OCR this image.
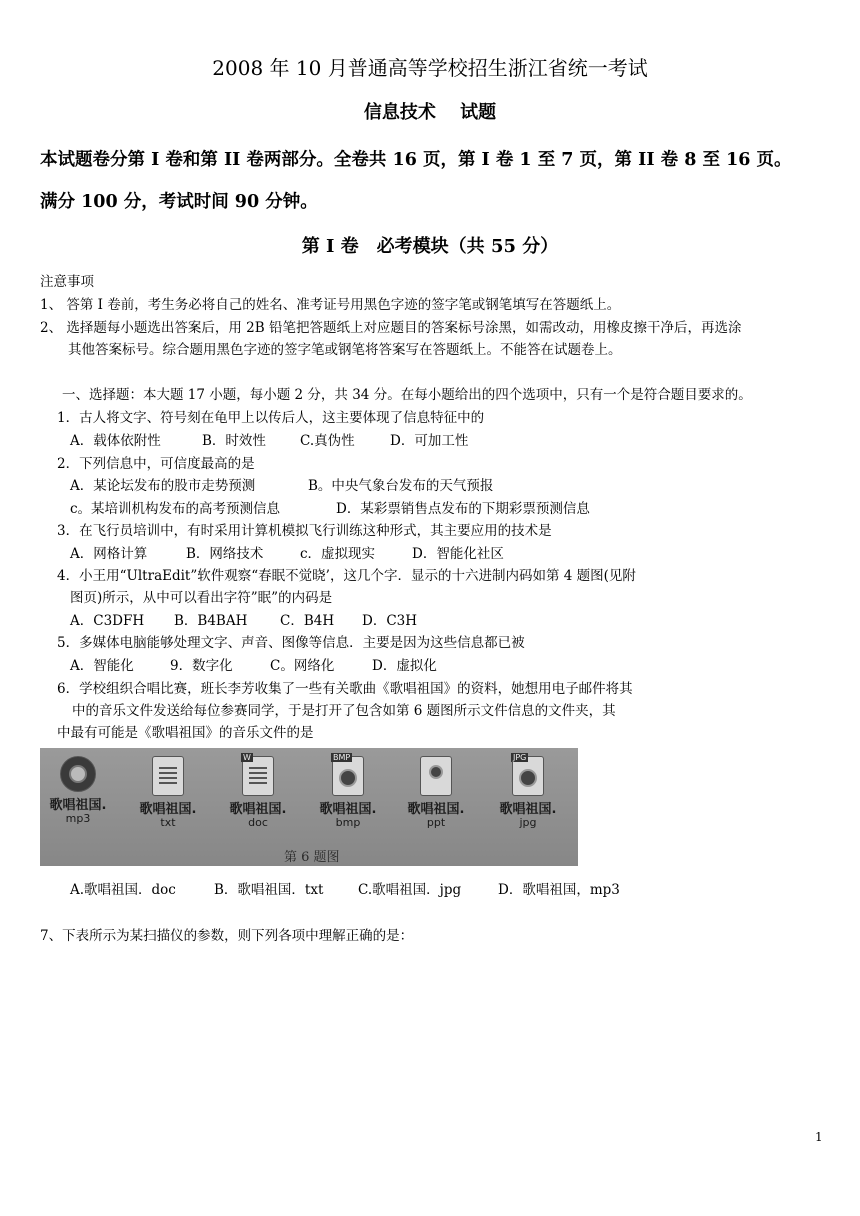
2008 年 10 月普通高等学校招生浙江省统一考试
信息技术　 试题
本试题卷分第 I 卷和第 II 卷两部分。全卷共 16 页，第 I 卷 1 至 7 页，第 II 卷 8 至 16 页。
满分 100 分，考试时间 90 分钟。
第 I 卷　必考模块（共 55 分）
注意事项
1、 答第 I 卷前，考生务必将自己的姓名、准考证号用黑色字迹的签字笔或钢笔填写在答题纸上。
2、 选择题每小题选出答案后，用 2B 铅笔把答题纸上对应题目的答案标号涂黑，如需改动，用橡皮擦干净后，再选涂
其他答案标号。综合题用黑色字迹的签字笔或钢笔将答案写在答题纸上。不能答在试题卷上。
一、选择题：本大题 17 小题，每小题 2 分，共 34 分。在每小题给出的四个选项中，只有一个是符合题目要求的。
1．古人将文字、符号刻在龟甲上以传后人，这主要体现了信息特征中的
A．载体依附性	B．时效性	C.真伪性	D．可加工性
2．下列信息中，可信度最高的是
A．某论坛发布的股市走势预测	B。中央气象台发布的天气预报
c。某培训机构发布的高考预测信息	D．某彩票销售点发布的下期彩票预测信息
3．在飞行员培训中，有时采用计算机模拟飞行训练这种形式，其主要应用的技术是
A．网格计算	B．网络技术	c．虚拟现实	D．智能化社区
4．小王用“UltraEdit”软件观察“春眠不觉晓’，这几个字．显示的十六进制内码如第 4 题图(见附
图页)所示，从中可以看出字符”眠”的内码是
A．C3DFH B．B4BAH C．B4H D．C3H
5．多媒体电脑能够处理文字、声音、图像等信息．主要是因为这些信息都已被
A．智能化	9．数字化	C。网络化	D．虚拟化
6．学校组织合唱比赛，班长李芳收集了一些有关歌曲《歌唱祖国》的资料，她想用电子邮件将其
中的音乐文件发送给每位参赛同学，于是打开了包含如第 6 题图所示文件信息的文件夹，其
中最有可能是《歌唱祖国》的音乐文件的是
歌唱祖国.
mp3
歌唱祖国.
txt
W
歌唱祖国.
doc
BMP
歌唱祖国.
bmp
歌唱祖国.
ppt
JPG
歌唱祖国.
jpg
第 6 题图
A.歌唱祖国．doc	B．歌唱祖国．txt	C.歌唱祖国．jpg	D．歌唱祖国，mp3
7、下表所示为某扫描仪的参数，则下列各项中理解正确的是：
1
